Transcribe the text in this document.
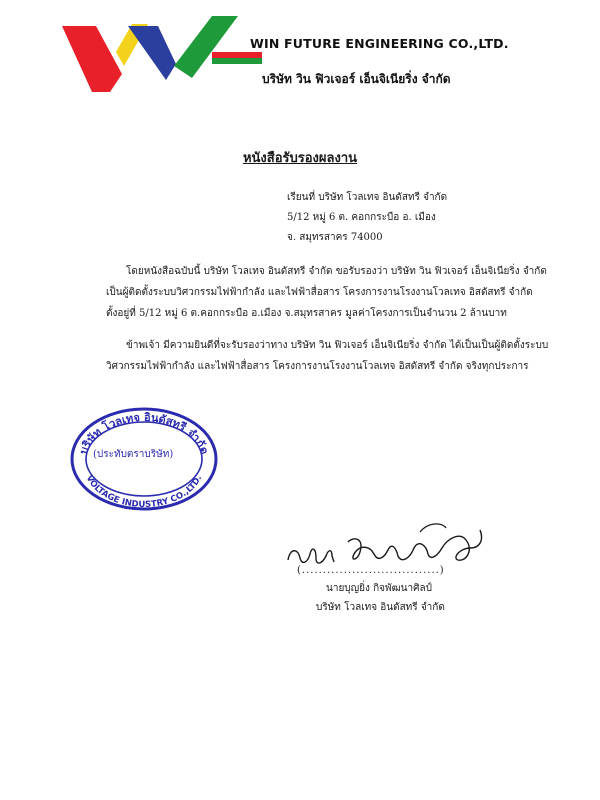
WIN FUTURE ENGINEERING CO.,LTD.
บริษัท วิน ฟิวเจอร์ เอ็นจิเนียริ่ง จำกัด
หนังสือรับรองผลงาน
เรียนที่ บริษัท โวลเทจ อินดัสทรี จำกัด
5/12 หมู่ 6 ต. คอกกระบือ อ. เมือง
จ. สมุทรสาคร 74000
โดยหนังสือฉบับนี้ บริษัท โวลเทจ อินดัสทรี จำกัด ขอรับรองว่า บริษัท วิน ฟิวเจอร์ เอ็นจิเนียริ่ง จำกัด
เป็นผู้ติดตั้งระบบวิศวกรรมไฟฟ้ากำลัง และไฟฟ้าสื่อสาร โครงการงานโรงงานโวลเทจ อิสดัสทรี จำกัด
ตั้งอยู่ที่ 5/12 หมู่ 6 ต.คอกกระบือ อ.เมือง จ.สมุทรสาคร มูลค่าโครงการเป็นจำนวน 2 ล้านบาท
ข้าพเจ้า มีความยินดีที่จะรับรองว่าทาง บริษัท วิน ฟิวเจอร์ เอ็นจิเนียริ่ง จำกัด ได้เป็นเป็นผู้ติดตั้งระบบ
วิศวกรรมไฟฟ้ากำลัง และไฟฟ้าสื่อสาร โครงการงานโรงงานโวลเทจ อิสดัสทรี จำกัด จริงทุกประการ
บริษัท โวลเทจ อินดัสทรี จำกัด
VOLTAGE INDUSTRY CO.,LTD.
(ประทับตราบริษัท)
(.................................)
นายบุญยิ่ง กิจพัฒนาศิลป์
บริษัท โวลเทจ อินดัสทรี จำกัด
